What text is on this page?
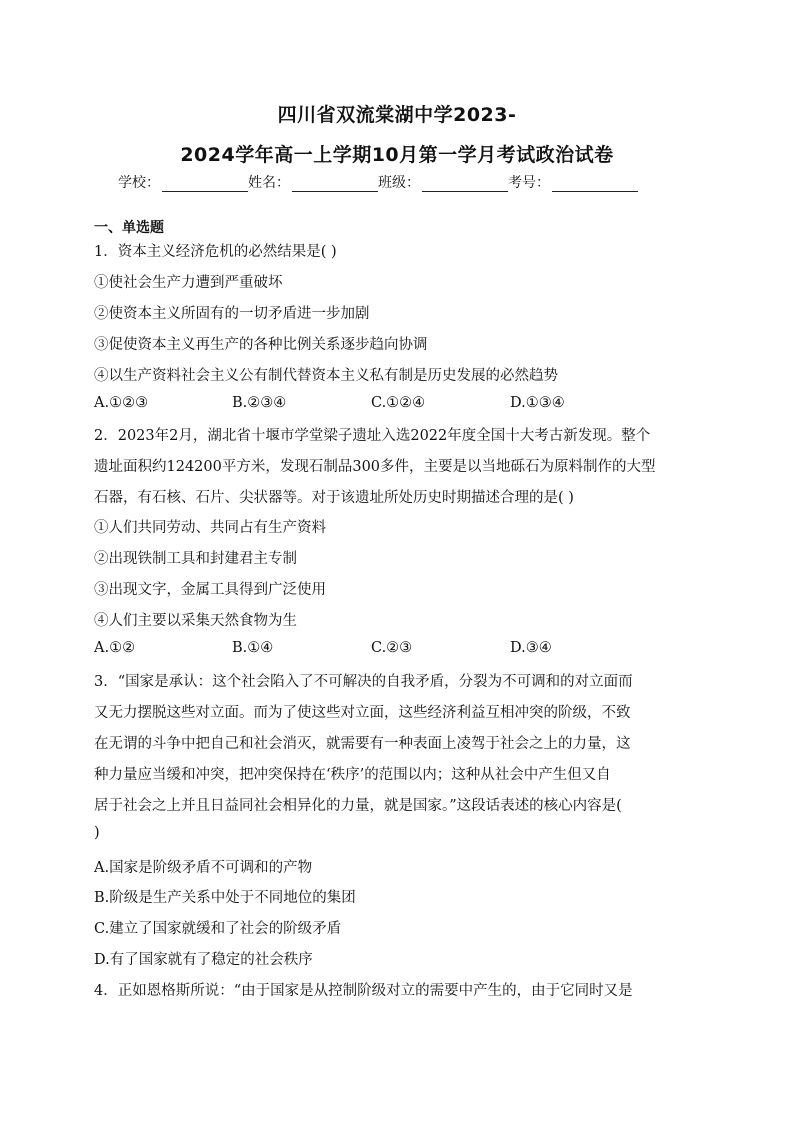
四川省双流棠湖中学2023-
2024学年高一上学期10月第一学月考试政治试卷
学校：	姓名：	班级：	考号：
一、单选题
1．资本主义经济危机的必然结果是( )
①使社会生产力遭到严重破坏
②使资本主义所固有的一切矛盾进一步加剧
③促使资本主义再生产的各种比例关系逐步趋向协调
④以生产资料社会主义公有制代替资本主义私有制是历史发展的必然趋势
A.①②③	B.②③④	C.①②④	D.①③④
2．2023年2月，湖北省十堰市学堂梁子遗址入选2022年度全国十大考古新发现。整个
遗址面积约124200平方米，发现石制品300多件，主要是以当地砾石为原料制作的大型
石器，有石核、石片、尖状器等。对于该遗址所处历史时期描述合理的是( )
①人们共同劳动、共同占有生产资料
②出现铁制工具和封建君主专制
③出现文字，金属工具得到广泛使用
④人们主要以采集天然食物为生
A.①②	B.①④	C.②③	D.③④
3．“国家是承认：这个社会陷入了不可解决的自我矛盾，分裂为不可调和的对立面而
又无力摆脱这些对立面。而为了使这些对立面，这些经济利益互相冲突的阶级，不致
在无谓的斗争中把自己和社会消灭，就需要有一种表面上凌驾于社会之上的力量，这
种力量应当缓和冲突，把冲突保持在‘秩序’的范围以内；这种从社会中产生但又自
居于社会之上并且日益同社会相异化的力量，就是国家。”这段话表述的核心内容是(
)
A.国家是阶级矛盾不可调和的产物
B.阶级是生产关系中处于不同地位的集团
C.建立了国家就缓和了社会的阶级矛盾
D.有了国家就有了稳定的社会秩序
4．正如恩格斯所说：“由于国家是从控制阶级对立的需要中产生的，由于它同时又是
